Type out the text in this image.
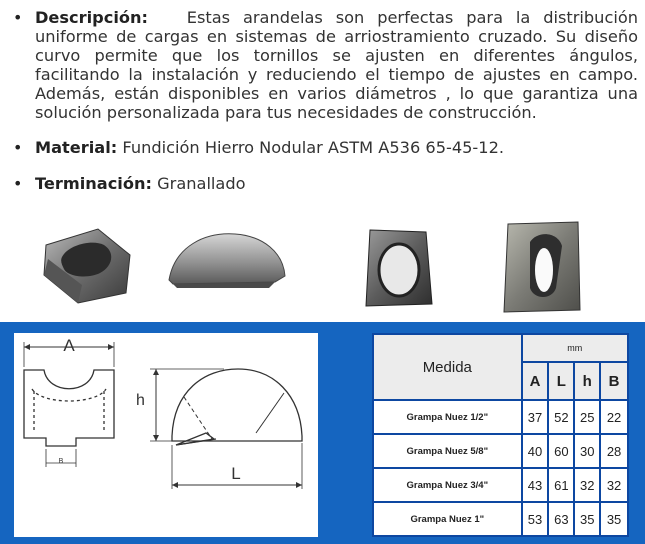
• Descripción: Estas arandelas son perfectas para la distribución uniforme de cargas en sistemas de arriostramiento cruzado. Su diseño curvo permite que los tornillos se ajusten en diferentes ángulos, facilitando la instalación y reduciendo el tiempo de ajustes en campo. Además, están disponibles en varios diámetros , lo que garantiza una solución personalizada para tus necesidades de construcción.
• Material: Fundición Hierro Nodular ASTM A536 65-45-12.
• Terminación: Granallado
A
h
B
L
Medida	mm			
	A	L	h	B
Grampa Nuez 1/2"	37	52	25	22
Grampa Nuez 5/8"	40	60	30	28
Grampa Nuez 3/4"	43	61	32	32
Grampa Nuez 1"	53	63	35	35
